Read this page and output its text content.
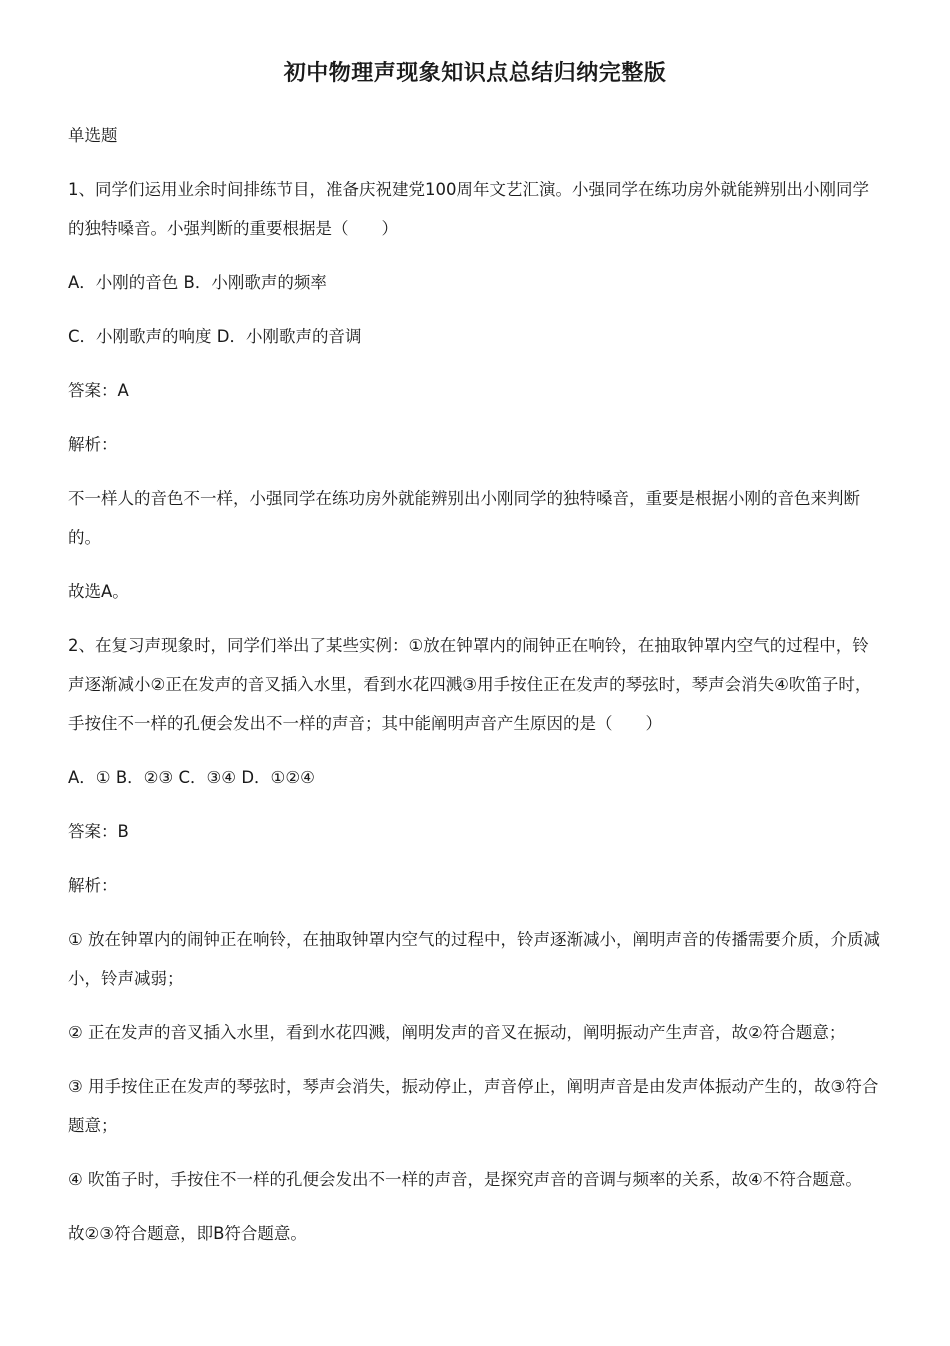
初中物理声现象知识点总结归纳完整版

单选题

1、同学们运用业余时间排练节目，准备庆祝建党100周年文艺汇演。小强同学在练功房外就能辨别出小刚同学的独特嗓音。小强判断的重要根据是（　　）

A．小刚的音色 B．小刚歌声的频率

C．小刚歌声的响度 D．小刚歌声的音调

答案：A

解析：

不一样人的音色不一样，小强同学在练功房外就能辨别出小刚同学的独特嗓音，重要是根据小刚的音色来判断的。

故选A。

2、在复习声现象时，同学们举出了某些实例：①放在钟罩内的闹钟正在响铃，在抽取钟罩内空气的过程中，铃声逐渐减小②正在发声的音叉插入水里，看到水花四溅③用手按住正在发声的琴弦时，琴声会消失④吹笛子时，手按住不一样的孔便会发出不一样的声音；其中能阐明声音产生原因的是（　　）

A．① B．②③ C．③④ D．①②④

答案：B

解析：

① 放在钟罩内的闹钟正在响铃，在抽取钟罩内空气的过程中，铃声逐渐减小，阐明声音的传播需要介质，介质减小，铃声减弱；

② 正在发声的音叉插入水里，看到水花四溅，阐明发声的音叉在振动，阐明振动产生声音，故②符合题意；

③ 用手按住正在发声的琴弦时，琴声会消失，振动停止，声音停止，阐明声音是由发声体振动产生的，故③符合题意；

④ 吹笛子时，手按住不一样的孔便会发出不一样的声音，是探究声音的音调与频率的关系，故④不符合题意。

故②③符合题意，即B符合题意。
